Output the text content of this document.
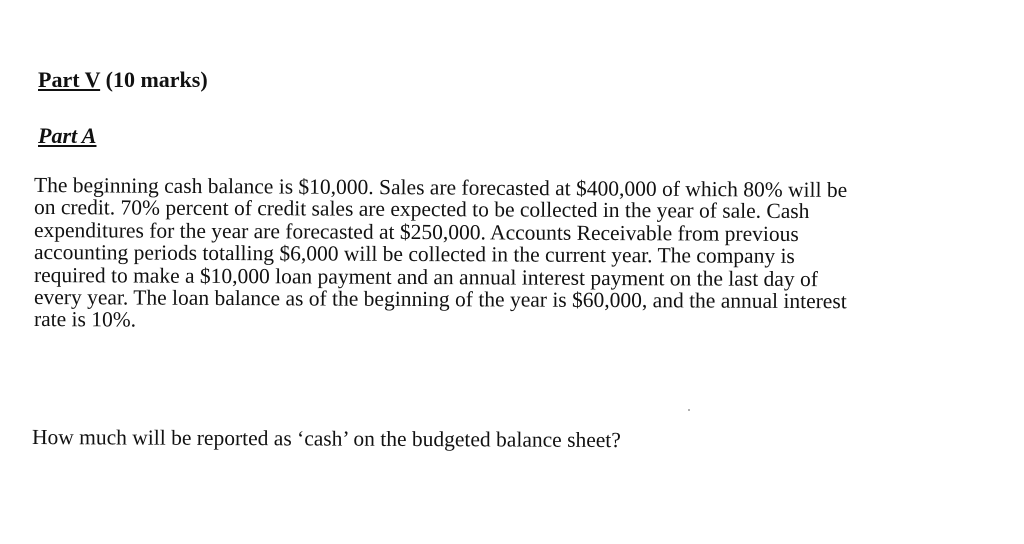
Part V (10 marks)

Part A

The beginning cash balance is $10,000. Sales are forecasted at $400,000 of which 80% will be
on credit. 70% percent of credit sales are expected to be collected in the year of sale. Cash
expenditures for the year are forecasted at $250,000. Accounts Receivable from previous
accounting periods totalling $6,000 will be collected in the current year. The company is
required to make a $10,000 loan payment and an annual interest payment on the last day of
every year. The loan balance as of the beginning of the year is $60,000, and the annual interest
rate is 10%.

How much will be reported as ‘cash’ on the budgeted balance sheet?
